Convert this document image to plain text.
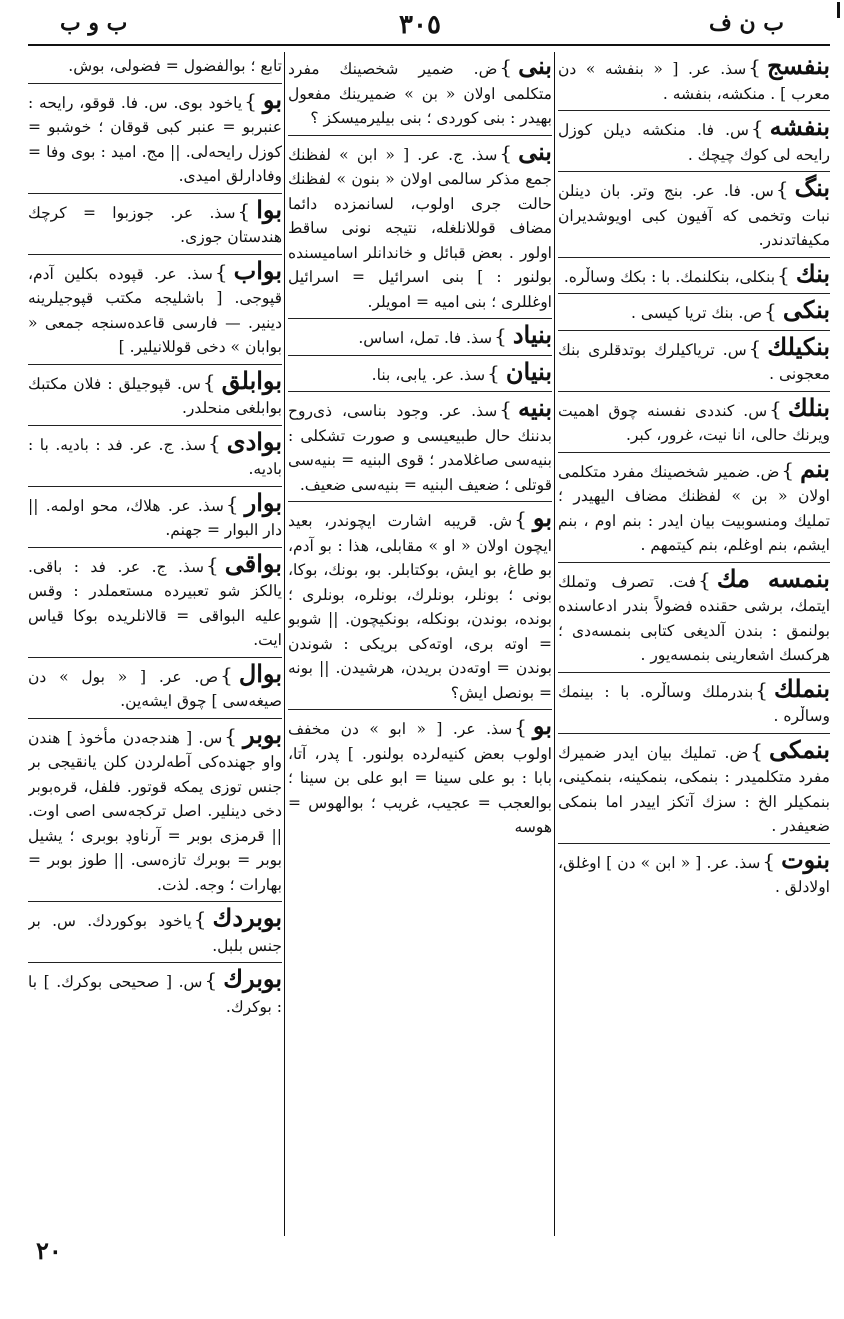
ب ن ف
٣٠٥
ب و ب
بنفسج}سذ. عر. [ « بنفشه » دن معرب ] . منكشه، بنفشه .
بنفشه}س. فا. منكشه ديلن كوزل رايحه لى كوك چيچك .
بنگ}س. فا. عر. بنج وتر. بان دينلن نبات وتخمى كه آفيون كبى اويوشديران مكيفاتدندر.
بنك}بنكلى، بنكلنمك. با : بكك وساڵره.
بنكى}ص. بنك تريا كيسى .
بنكيلك}س. ترياكيلرك بوتدقلرى بنك معجونى .
بنلك}س. كنددى نفسنه چوق اهميت ويرنك حالى، انا نيت، غرور، كبر.
بنم}ض. ضمير شخصينك مفرد متكلمى اولان « بن » لفظنك مضاف اليهيدر ؛ تمليك ومنسوبيت بيان ايدر : بنم اوم ، بنم ايشم، بنم اوغلم، بنم كيتمهم .
بنمسه مك}فت. تصرف وتملك ايتمك، برشى حقنده فضولاً بندر ادعاسنده بولنمق : بندن آلديغى كتابى بنمسه‌دى ؛ هركسك اشعارينى بنمسه‌يور .
بنملك}بندرملك وساڵره. با : بينمك وساڵره .
بنمكى}ض. تمليك بيان ايدر ضميرك مفرد متكلميدر : بنمكى، بنمكينه، بنمكينى، بنمكيلر الخ : سزك آتكز اييدر اما بنمكى ضعيفدر .
بنوت}سذ. عر. [ « ابن » دن ] اوغلق، اولادلق .
بنى}ض. ضمير شخصينك مفرد متكلمى اولان « بن » ضميرينك مفعول بهيدر : بنى كوردى ؛ بنى بيليرميسكز ؟
بنى}سذ. ج. عر. [ « ابن » لفظنك جمع مذكر سالمى اولان « بنون » لفظنك حالت جرى اولوب، لسانمزده دائما مضاف قوللانلغله، نتيجه نونى ساقط اولور . بعض قبائل و خاندانلر اساميسنده بولنور : ] بنى اسرائيل = اسرائيل اوغللرى ؛ بنى اميه = امويلر.
بنياد}سذ. فا. تمل، اساس.
بنيان}سذ. عر. يابى، بنا.
بنيه}سذ. عر. وجود بناسى، ذى‌روح بدننك حال طبيعيسى و صورت تشكلى : بنيه‌سى صاغلامدر ؛ قوى البنيه = بنيه‌سى قوتلى ؛ ضعيف البنيه = بنيه‌سى ضعيف.
بو}ش. قريبه اشارت ايچوندر، بعيد ايچون اولان « او » مقابلى، هذا : بو آدم، بو طاغ، بو ايش، بوكتابلر. بو، بونك، بوكا، بونى ؛ بونلر، بونلرك، بونلره، بونلرى ؛ بونده، بوندن، بونكله، بونكيچون. || شوبو = اوته برى، اوته‌كى بريكى : شوندن بوندن = اوته‌دن بريدن، هرشيدن. || بونه = بونصل ايش؟
بو}سذ. عر. [ « ابو » دن مخفف اولوب بعض كنيه‌لرده بولنور. ] پدر، آتا، بابا : بو على سينا = ابو على بن سينا ؛ بوالعجب = عجيب، غريب ؛ بوالهوس = هوسه
تابع ؛ بوالفضول = فضولى، بوش.
بو}ياخود بوى. س. فا. قوقو، رايحه : عنبربو = عنبر كبى قوقان ؛ خوشبو = كوزل رايحه‌لى. || مج. اميد : بوى وفا = وفادارلق اميدى.
بوا}سذ. عر. جوزبوا = كرچك هندستان جوزى.
بواب}سذ. عر. قپوده بكلين آدم، قپوجى. [ باشليجه مكتب قپوجيلرينه دينير. — فارسى قاعده‌سنجه جمعى « بوابان » دخى قوللانيلير. ]
بوابلق}س. قپوجيلق : فلان مكتبك بوابلغى منحلدر.
بوادى}سذ. ج. عر. فد : باديه. با : باديه.
بوار}سذ. عر. هلاك، محو اولمه. || دار البوار = جهنم.
بواقى}سذ. ج. عر. فد : باقى. يالكز شو تعبيرده مستعملدر : وقس عليه البواقى = قالانلريده بوكا قياس ايت.
بوال}ص. عر. [ « بول » دن صيغه‌سى ] چوق ايشه‌ين.
بوبر}س. [ هندجه‌دن مأخوذ ] هندن واو جهنده‌كى آطه‌لردن كلن يانقيجى بر جنس توزى يمكه قوتور. فلفل، قره‌بوبر دخى دينلير. اصل تركجه‌سى اصى اوت. || قرمزى بوبر = آرناوڊ بوبرى ؛ يشيل بوبر = بوبرك تازه‌سى. || طوز بوبر = بهارات ؛ وجه. لذت.
بوبردك}ياخود بوكوردك. س. بر جنس بلبل.
بوبرك}س. [ صحيحى بوكرك. ] با : بوكرك.
٢٠
